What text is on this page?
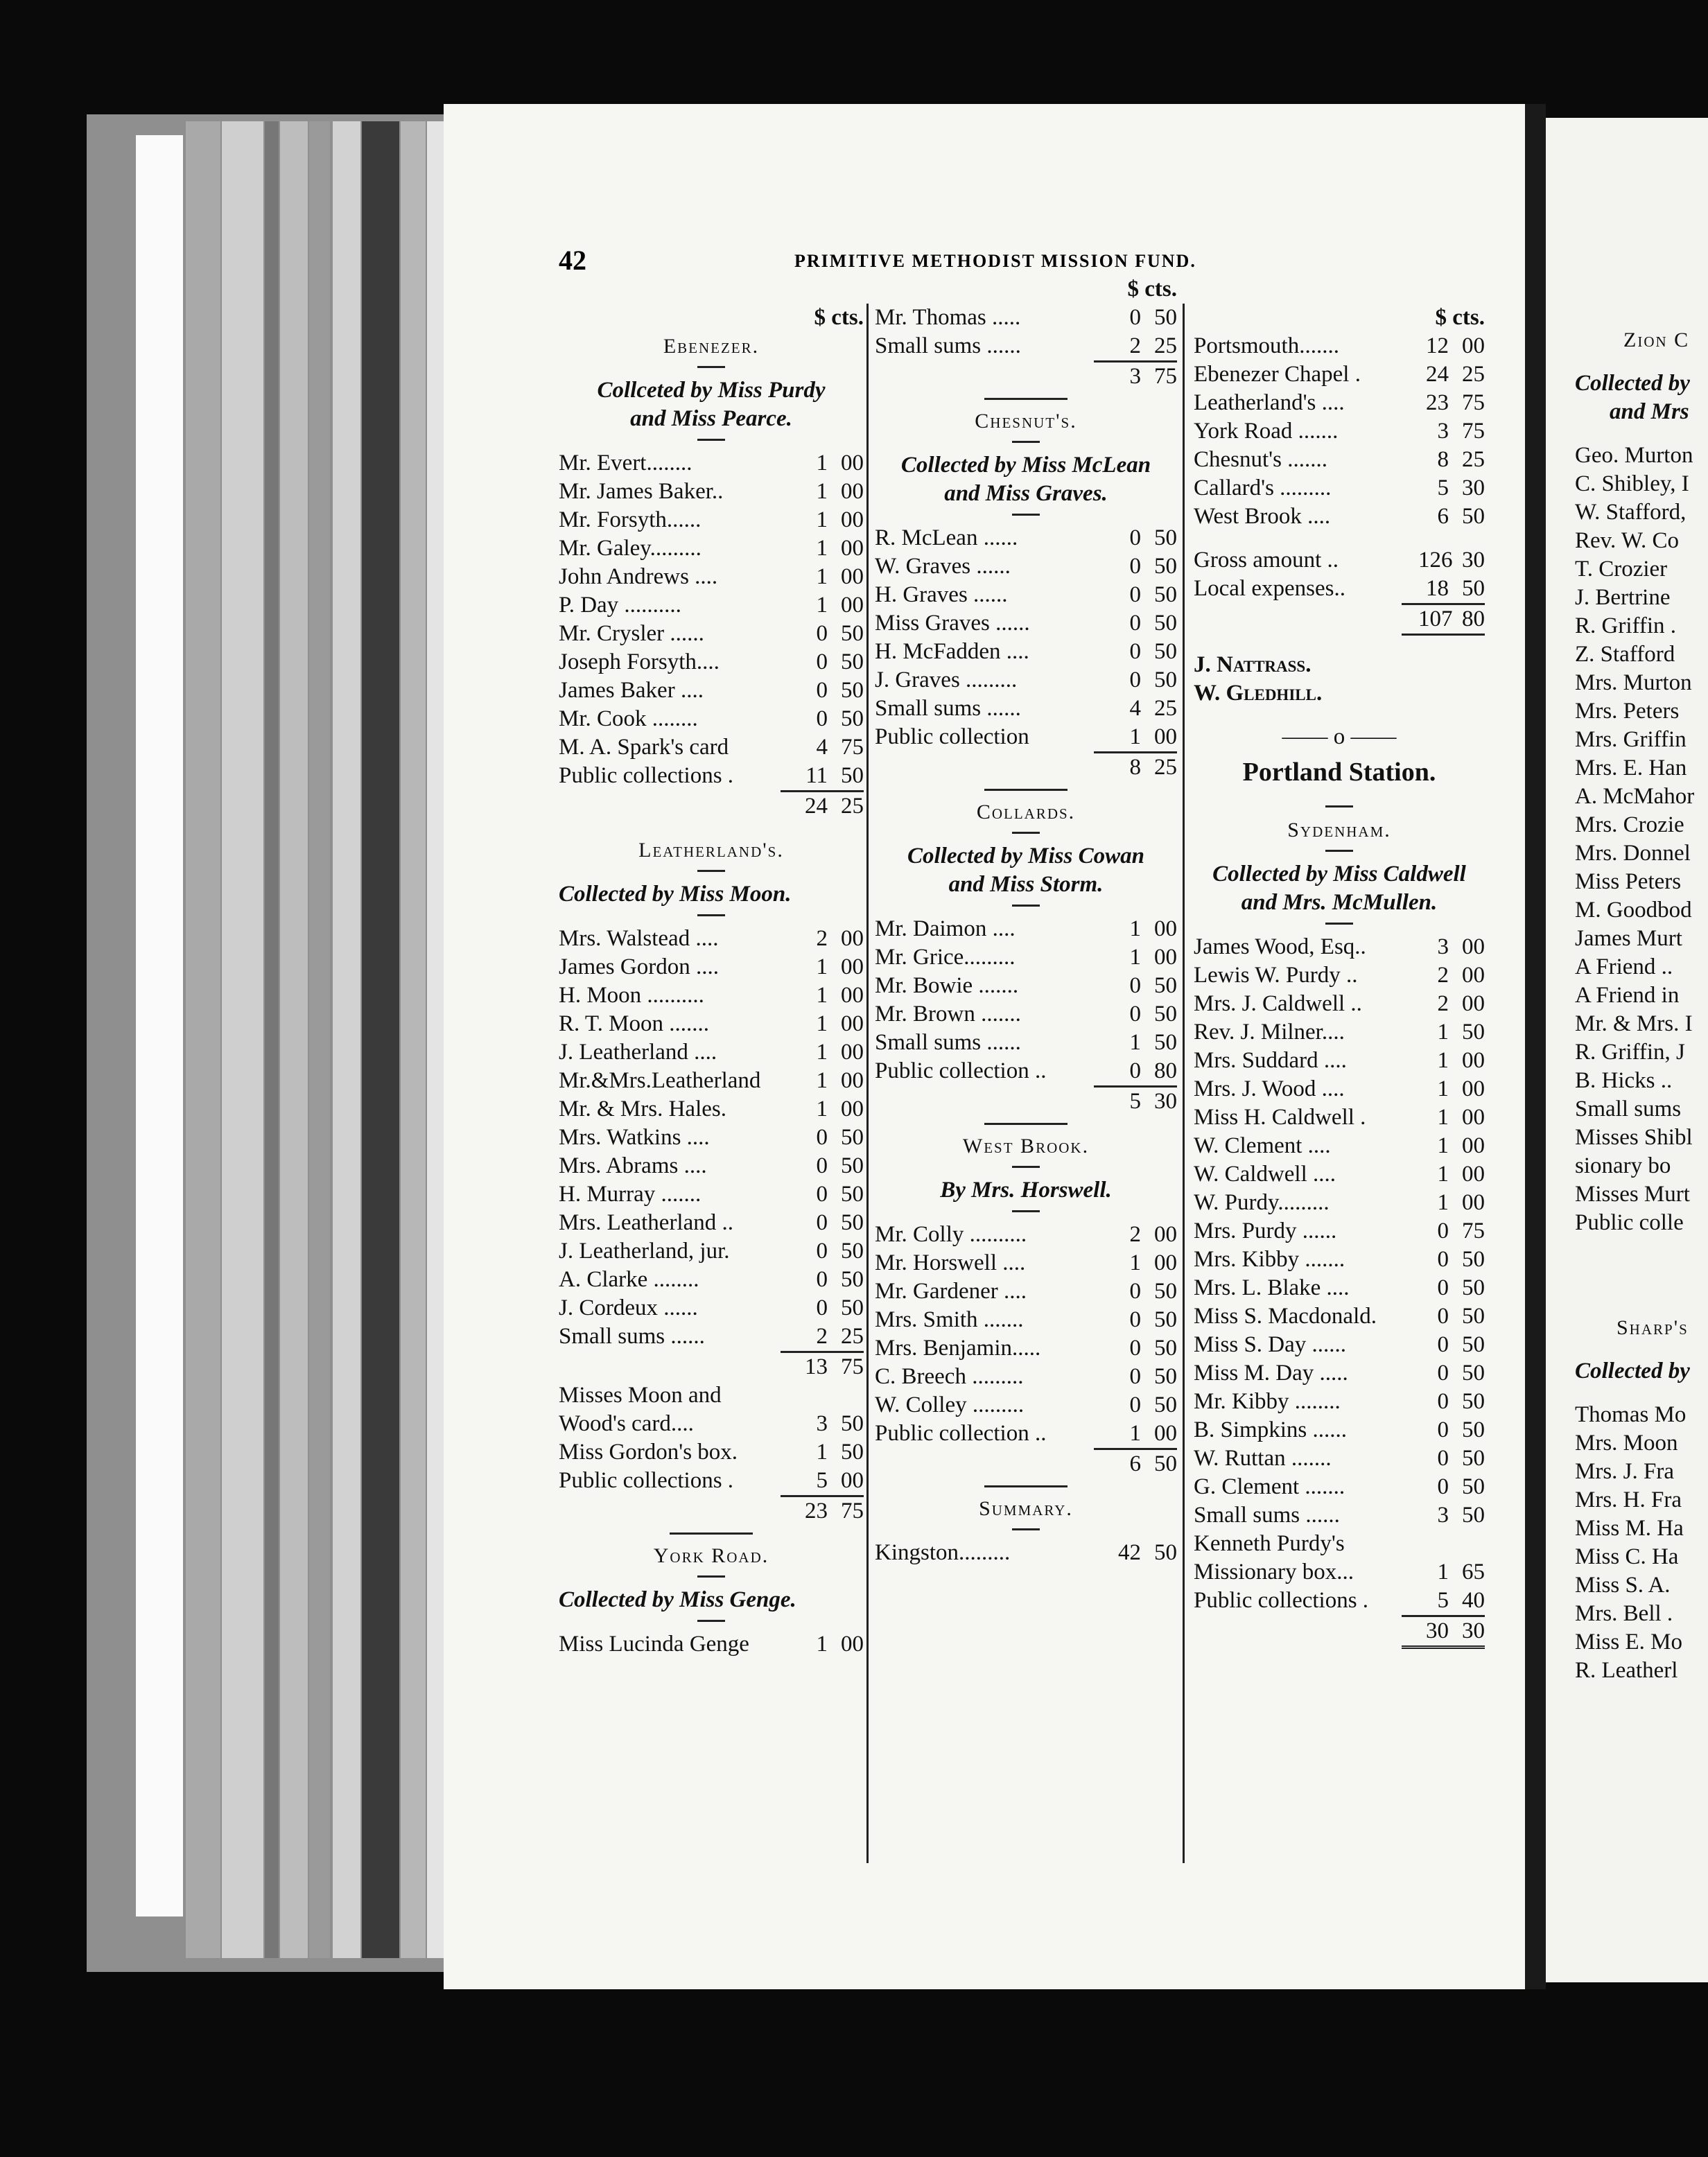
42	PRIMITIVE METHODIST MISSION FUND.
$ cts.
Ebenezer.
Collceted by Miss Purdy
and Miss Pearce.
Mr. Evert........	1 00
Mr. James Baker..	1 00
Mr. Forsyth......	1 00
Mr. Galey.........	1 00
John Andrews ....	1 00
P. Day ..........	1 00
Mr. Crysler ......	0 50
Joseph Forsyth....	0 50
James Baker ....	0 50
Mr. Cook ........	0 50
M. A. Spark's card	4 75
Public collections .	11 50
24 25
Leatherland's.
Collected by Miss Moon.
Mrs. Walstead ....	2 00
James Gordon ....	1 00
H. Moon ..........	1 00
R. T. Moon .......	1 00
J. Leatherland ....	1 00
Mr.&Mrs.Leatherland	1 00
Mr. & Mrs. Hales.	1 00
Mrs. Watkins ....	0 50
Mrs. Abrams ....	0 50
H. Murray .......	0 50
Mrs. Leatherland ..	0 50
J. Leatherland, jur.	0 50
A. Clarke ........	0 50
J. Cordeux ......	0 50
Small sums ......	2 25
13 75
Misses Moon and
Wood's card....	3 50
Miss Gordon's box.	1 50
Public collections .	5 00
23 75
York Road.
Collected by Miss Genge.
Miss Lucinda Genge	1 00
$ cts.
Mr. Thomas .....	0 50
Small sums ......	2 25
3 75
Chesnut's.
Collected by Miss McLean
and Miss Graves.
R. McLean ......	0 50
W. Graves ......	0 50
H. Graves ......	0 50
Miss Graves ......	0 50
H. McFadden ....	0 50
J. Graves .........	0 50
Small sums ......	4 25
Public collection	1 00
8 25
Collards.
Collected by Miss Cowan
and Miss Storm.
Mr. Daimon ....	1 00
Mr. Grice.........	1 00
Mr. Bowie .......	0 50
Mr. Brown .......	0 50
Small sums ......	1 50
Public collection ..	0 80
5 30
West Brook.
By Mrs. Horswell.
Mr. Colly ..........	2 00
Mr. Horswell ....	1 00
Mr. Gardener ....	0 50
Mrs. Smith .......	0 50
Mrs. Benjamin.....	0 50
C. Breech .........	0 50
W. Colley .........	0 50
Public collection ..	1 00
6 50
Summary.
Kingston.........	42 50
$ cts.
Portsmouth.......	12 00
Ebenezer Chapel .	24 25
Leatherland's ....	23 75
York Road .......	3 75
Chesnut's .......	8 25
Callard's .........	5 30
West Brook ....	6 50
Gross amount ..	126 30
Local expenses..	18 50
107 80
J. Nattrass.
W. Gledhill.
—— o ——
Portland Station.
Sydenham.
Collected by Miss Caldwell
and Mrs. McMullen.
James Wood, Esq..	3 00
Lewis W. Purdy ..	2 00
Mrs. J. Caldwell ..	2 00
Rev. J. Milner....	1 50
Mrs. Suddard ....	1 00
Mrs. J. Wood ....	1 00
Miss H. Caldwell .	1 00
W. Clement ....	1 00
W. Caldwell ....	1 00
W. Purdy.........	1 00
Mrs. Purdy ......	0 75
Mrs. Kibby .......	0 50
Mrs. L. Blake ....	0 50
Miss S. Macdonald.	0 50
Miss S. Day ......	0 50
Miss M. Day .....	0 50
Mr. Kibby ........	0 50
B. Simpkins ......	0 50
W. Ruttan .......	0 50
G. Clement .......	0 50
Small sums ......	3 50
Kenneth Purdy's
Missionary box...	1 65
Public collections .	5 40
30 30
Zion C
Collected by
and Mrs
Geo. Murton
C. Shibley, I
W. Stafford,
Rev. W. Co
T. Crozier
J. Bertrine
R. Griffin .
Z. Stafford
Mrs. Murton
Mrs. Peters
Mrs. Griffin
Mrs. E. Han
A. McMahor
Mrs. Crozie
Mrs. Donnel
Miss Peters
M. Goodbod
James Murt
A Friend ..
A Friend in
Mr. & Mrs. I
R. Griffin, J
B. Hicks ..
Small sums
Misses Shibl
sionary bo
Misses Murt
Public colle
Sharp's
Collected by
Thomas Mo
Mrs. Moon
Mrs. J. Fra
Mrs. H. Fra
Miss M. Ha
Miss C. Ha
Miss S. A.
Mrs. Bell .
Miss E. Mo
R. Leatherl
